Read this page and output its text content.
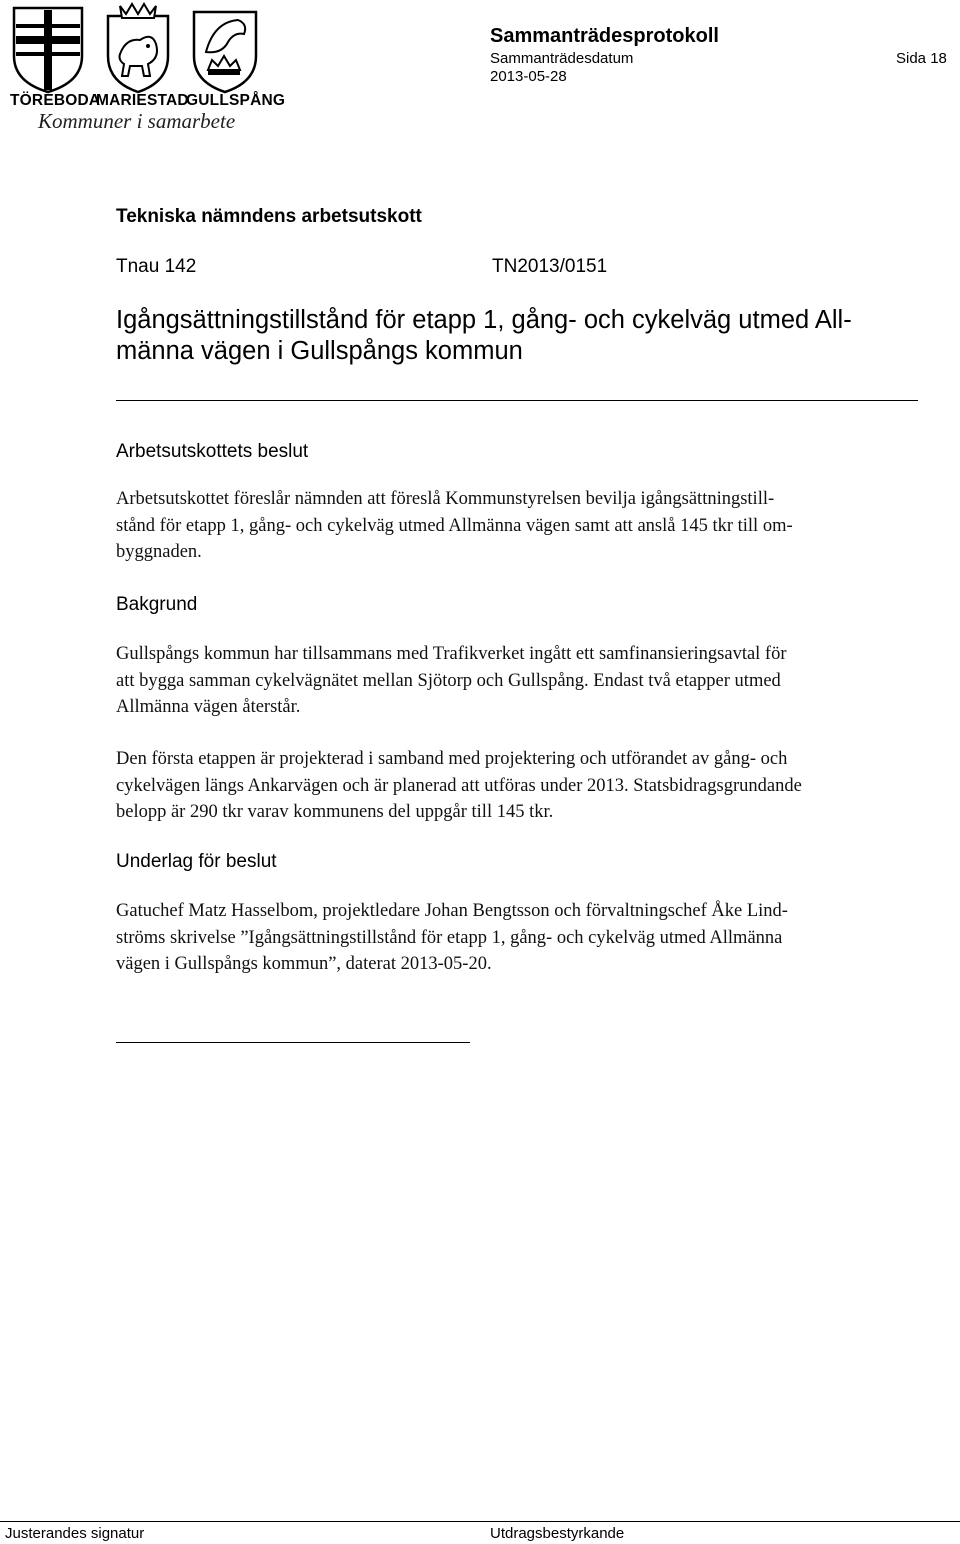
TÖREBODA
MARIESTAD
GULLSPÅNG
Kommuner i samarbete
Sammanträdesprotokoll
Sammanträdesdatum
2013-05-28
Sida 18
Tekniska nämndens arbetsutskott
Tnau 142	TN2013/0151
Igångsättningstillstånd för etapp 1, gång- och cykelväg utmed All-
männa vägen i Gullspångs kommun
Arbetsutskottets beslut
Arbetsutskottet föreslår nämnden att föreslå Kommunstyrelsen bevilja igångsättningstill-
stånd för etapp 1, gång- och cykelväg utmed Allmänna vägen samt att anslå 145 tkr till om-
byggnaden.
Bakgrund
Gullspångs kommun har tillsammans med Trafikverket ingått ett samfinansieringsavtal för
att bygga samman cykelvägnätet mellan Sjötorp och Gullspång. Endast två etapper utmed
Allmänna vägen återstår.
Den första etappen är projekterad i samband med projektering och utförandet av gång- och
cykelvägen längs Ankarvägen och är planerad att utföras under 2013. Statsbidragsgrundande
belopp är 290 tkr varav kommunens del uppgår till 145 tkr.
Underlag för beslut
Gatuchef Matz Hasselbom, projektledare Johan Bengtsson och förvaltningschef Åke Lind-
ströms skrivelse ”Igångsättningstillstånd för etapp 1, gång- och cykelväg utmed Allmänna
vägen i Gullspångs kommun”, daterat 2013-05-20.
Justerandes signatur	Utdragsbestyrkande
